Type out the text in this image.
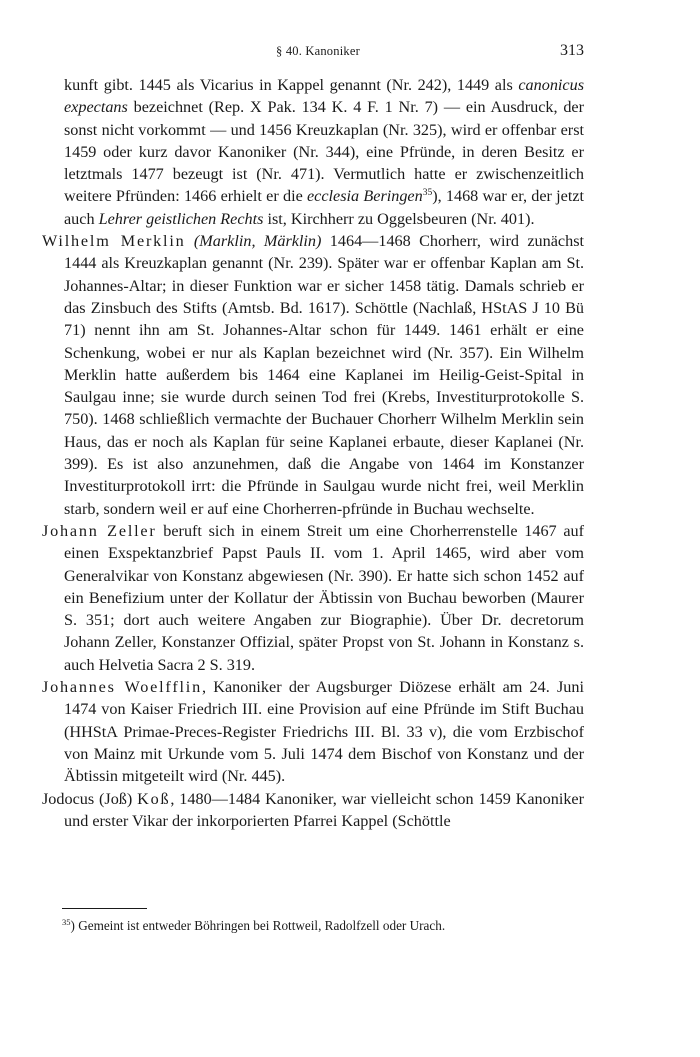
§ 40. Kanoniker	313

kunft gibt. 1445 als Vicarius in Kappel genannt (Nr. 242), 1449 als canonicus expectans bezeichnet (Rep. X Pak. 134 K. 4 F. 1 Nr. 7) — ein Ausdruck, der sonst nicht vorkommt — und 1456 Kreuzkaplan (Nr. 325), wird er offenbar erst 1459 oder kurz davor Kanoniker (Nr. 344), eine Pfründe, in deren Besitz er letztmals 1477 bezeugt ist (Nr. 471). Vermutlich hatte er zwischenzeitlich weitere Pfründen: 1466 erhielt er die ecclesia Beringen$^{35}$), 1468 war er, der jetzt auch Lehrer geistlichen Rechts ist, Kirchherr zu Oggelsbeuren (Nr. 401).

Wilhelm Merklin (Marklin, Märklin) 1464—1468 Chorherr, wird zunächst 1444 als Kreuzkaplan genannt (Nr. 239). Später war er offenbar Kaplan am St. Johannes-Altar; in dieser Funktion war er sicher 1458 tätig. Damals schrieb er das Zinsbuch des Stifts (Amtsb. Bd. 1617). Schöttle (Nachlaß, HStAS J 10 Bü 71) nennt ihn am St. Johannes-Altar schon für 1449. 1461 erhält er eine Schenkung, wobei er nur als Kaplan bezeichnet wird (Nr. 357). Ein Wilhelm Merklin hatte außerdem bis 1464 eine Kaplanei im Heilig-Geist-Spital in Saulgau inne; sie wurde durch seinen Tod frei (Krebs, Investiturprotokolle S. 750). 1468 schließlich vermachte der Buchauer Chorherr Wilhelm Merklin sein Haus, das er noch als Kaplan für seine Kaplanei erbaute, dieser Kaplanei (Nr. 399). Es ist also anzunehmen, daß die Angabe von 1464 im Konstanzer Investiturprotokoll irrt: die Pfründe in Saulgau wurde nicht frei, weil Merklin starb, sondern weil er auf eine Chorherren-pfründe in Buchau wechselte.

Johann Zeller beruft sich in einem Streit um eine Chorherrenstelle 1467 auf einen Exspektanzbrief Papst Pauls II. vom 1. April 1465, wird aber vom Generalvikar von Konstanz abgewiesen (Nr. 390). Er hatte sich schon 1452 auf ein Benefizium unter der Kollatur der Äbtissin von Buchau beworben (Maurer S. 351; dort auch weitere Angaben zur Biographie). Über Dr. decretorum Johann Zeller, Konstanzer Offizial, später Propst von St. Johann in Konstanz s. auch Helvetia Sacra 2 S. 319.

Johannes Woelfflin, Kanoniker der Augsburger Diözese erhält am 24. Juni 1474 von Kaiser Friedrich III. eine Provision auf eine Pfründe im Stift Buchau (HHStA Primae-Preces-Register Friedrichs III. Bl. 33 v), die vom Erzbischof von Mainz mit Urkunde vom 5. Juli 1474 dem Bischof von Konstanz und der Äbtissin mitgeteilt wird (Nr. 445).

Jodocus (Joß) Koß, 1480—1484 Kanoniker, war vielleicht schon 1459 Kanoniker und erster Vikar der inkorporierten Pfarrei Kappel (Schöttle

$^{35}$) Gemeint ist entweder Böhringen bei Rottweil, Radolfzell oder Urach.
